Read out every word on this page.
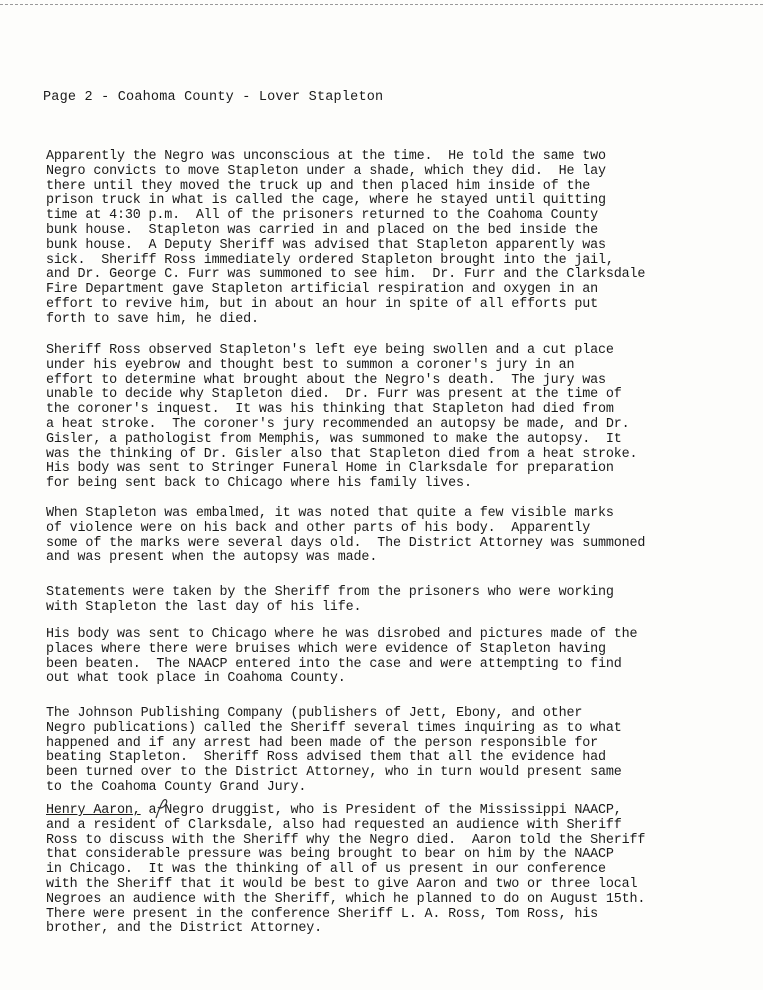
Page 2 - Coahoma County - Lover Stapleton
Apparently the Negro was unconscious at the time.  He told the same two
Negro convicts to move Stapleton under a shade, which they did.  He lay
there until they moved the truck up and then placed him inside of the
prison truck in what is called the cage, where he stayed until quitting
time at 4:30 p.m.  All of the prisoners returned to the Coahoma County
bunk house.  Stapleton was carried in and placed on the bed inside the
bunk house.  A Deputy Sheriff was advised that Stapleton apparently was
sick.  Sheriff Ross immediately ordered Stapleton brought into the jail,
and Dr. George C. Furr was summoned to see him.  Dr. Furr and the Clarksdale
Fire Department gave Stapleton artificial respiration and oxygen in an
effort to revive him, but in about an hour in spite of all efforts put
forth to save him, he died.
Sheriff Ross observed Stapleton's left eye being swollen and a cut place
under his eyebrow and thought best to summon a coroner's jury in an
effort to determine what brought about the Negro's death.  The jury was
unable to decide why Stapleton died.  Dr. Furr was present at the time of
the coroner's inquest.  It was his thinking that Stapleton had died from
a heat stroke.  The coroner's jury recommended an autopsy be made, and Dr.
Gisler, a pathologist from Memphis, was summoned to make the autopsy.  It
was the thinking of Dr. Gisler also that Stapleton died from a heat stroke.
His body was sent to Stringer Funeral Home in Clarksdale for preparation
for being sent back to Chicago where his family lives.
When Stapleton was embalmed, it was noted that quite a few visible marks
of violence were on his back and other parts of his body.  Apparently
some of the marks were several days old.  The District Attorney was summoned
and was present when the autopsy was made.
Statements were taken by the Sheriff from the prisoners who were working
with Stapleton the last day of his life.
His body was sent to Chicago where he was disrobed and pictures made of the
places where there were bruises which were evidence of Stapleton having
been beaten.  The NAACP entered into the case and were attempting to find
out what took place in Coahoma County.
The Johnson Publishing Company (publishers of Jett, Ebony, and other
Negro publications) called the Sheriff several times inquiring as to what
happened and if any arrest had been made of the person responsible for
beating Stapleton.  Sheriff Ross advised them that all the evidence had
been turned over to the District Attorney, who in turn would present same
to the Coahoma County Grand Jury.
Henry Aaron, a Negro druggist, who is President of the Mississippi NAACP,
and a resident of Clarksdale, also had requested an audience with Sheriff
Ross to discuss with the Sheriff why the Negro died.  Aaron told the Sheriff
that considerable pressure was being brought to bear on him by the NAACP
in Chicago.  It was the thinking of all of us present in our conference
with the Sheriff that it would be best to give Aaron and two or three local
Negroes an audience with the Sheriff, which he planned to do on August 15th.
There were present in the conference Sheriff L. A. Ross, Tom Ross, his
brother, and the District Attorney.
